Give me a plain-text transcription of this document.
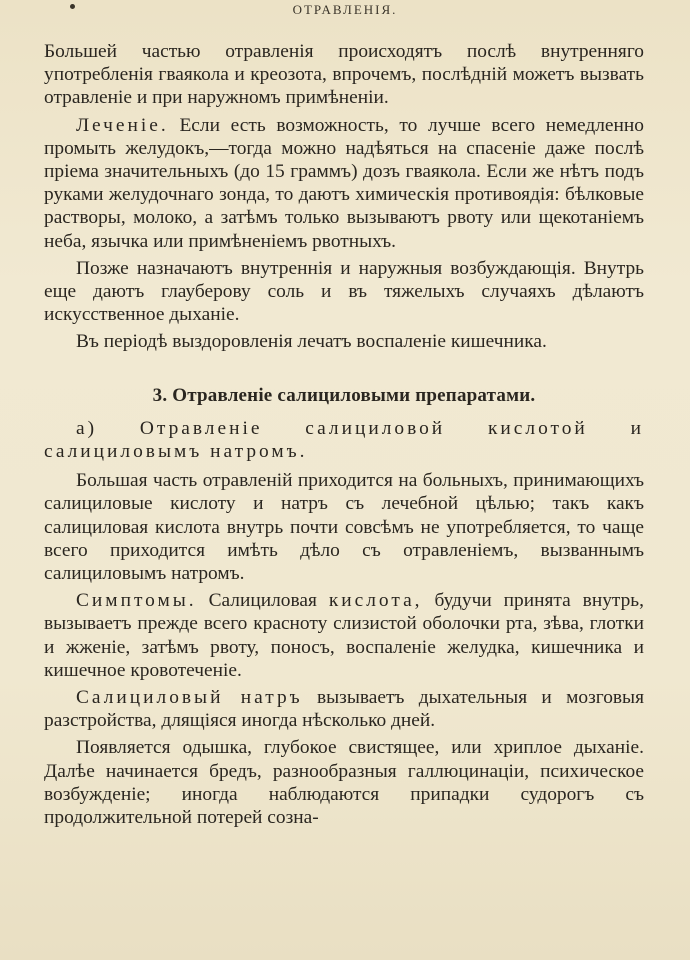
ОТРАВЛЕНІЯ.

Большей частью отравленія происходятъ послѣ внутренняго употребленія гваякола и креозота, впрочемъ, послѣдній можетъ вызвать отравленіе и при наружномъ примѣненіи.

Леченіе. Если есть возможность, то лучше всего немедленно промыть желудокъ,—тогда можно надѣяться на спасеніе даже послѣ пріема значительныхъ (до 15 граммъ) дозъ гваякола. Если же нѣтъ подъ руками желудочнаго зонда, то даютъ химическія противоядія: бѣлковые растворы, молоко, а затѣмъ только вызываютъ рвоту или щекотаніемъ неба, язычка или примѣненіемъ рвотныхъ.

Позже назначаютъ внутреннія и наружныя возбуждающія. Внутрь еще даютъ глауберову соль и въ тяжелыхъ случаяхъ дѣлаютъ искусственное дыханіе.

Въ періодѣ выздоровленія лечатъ воспаленіе кишечника.

3. Отравленіе салициловыми препаратами.

а) Отравленіе салициловой кислотой и салициловымъ натромъ.

Большая часть отравленій приходится на больныхъ, принимающихъ салициловые кислоту и натръ съ лечебной цѣлью; такъ какъ салициловая кислота внутрь почти совсѣмъ не употребляется, то чаще всего приходится имѣть дѣло съ отравленіемъ, вызваннымъ салициловымъ натромъ.

Симптомы. Салициловая кислота, будучи принята внутрь, вызываетъ прежде всего красноту слизистой оболочки рта, зѣва, глотки и жженіе, затѣмъ рвоту, поносъ, воспаленіе желудка, кишечника и кишечное кровотеченіе.

Салициловый натръ вызываетъ дыхательныя и мозговыя разстройства, длящіяся иногда нѣсколько дней.

Появляется одышка, глубокое свистящее, или хриплое дыханіе. Далѣе начинается бредъ, разнообразныя галлюцинаціи, психическое возбужденіе; иногда наблюдаются припадки судорогъ съ продолжительной потерей созна-
